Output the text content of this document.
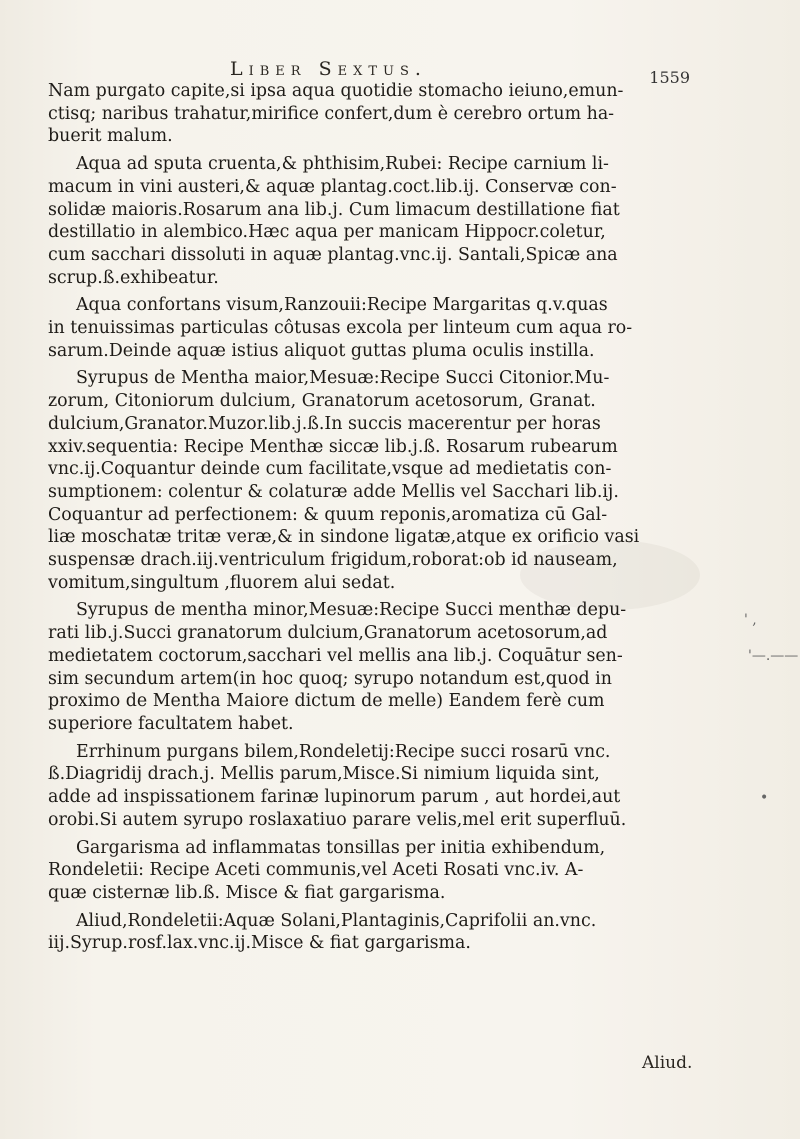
Liber Sextus.	1559
Nam purgato capite,si ipsa aqua quotidie stomacho ieiuno,emun-
ctisq; naribus trahatur,mirifice confert,dum è cerebro ortum ha-
buerit malum.
Aqua ad sputa cruenta,& phthisim,Rubei: Recipe carnium li-
macum in vini austeri,& aquæ plantag.coct.lib.ij. Conservæ con-
solidæ maioris.Rosarum ana lib.j. Cum limacum destillatione fiat
destillatio in alembico.Hæc aqua per manicam Hippocr.coletur,
cum sacchari dissoluti in aquæ plantag.vnc.ij. Santali,Spicæ ana
scrup.ß.exhibeatur.
Aqua confortans visum,Ranzouii:Recipe Margaritas q.v.quas
in tenuissimas particulas côtusas excola per linteum cum aqua ro-
sarum.Deinde aquæ istius aliquot guttas pluma oculis instilla.
Syrupus de Mentha maior,Mesuæ:Recipe Succi Citonior.Mu-
zorum, Citoniorum dulcium, Granatorum acetosorum, Granat.
dulcium,Granator.Muzor.lib.j.ß.In succis macerentur per horas
xxiv.sequentia: Recipe Menthæ siccæ lib.j.ß. Rosarum rubearum
vnc.ij.Coquantur deinde cum facilitate,vsque ad medietatis con-
sumptionem: colentur & colaturæ adde Mellis vel Sacchari lib.ij.
Coquantur ad perfectionem: & quum reponis,aromatiza cū Gal-
liæ moschatæ tritæ veræ,& in sindone ligatæ,atque ex orificio vasi
suspensæ drach.iij.ventriculum frigidum,roborat:ob id nauseam,
vomitum,singultum ,fluorem alui sedat.
Syrupus de mentha minor,Mesuæ:Recipe Succi menthæ depu-
rati lib.j.Succi granatorum dulcium,Granatorum acetosorum,ad
medietatem coctorum,sacchari vel mellis ana lib.j. Coquātur sen-
sim secundum artem(in hoc quoq; syrupo notandum est,quod in
proximo de Mentha Maiore dictum de melle) Eandem ferè cum
superiore facultatem habet.
Errhinum purgans bilem,Rondeletij:Recipe succi rosarū vnc.
ß.Diagridij drach.j. Mellis parum,Misce.Si nimium liquida sint,
adde ad inspissationem farinæ lupinorum parum , aut hordei,aut
orobi.Si autem syrupo roslaxatiuo parare velis,mel erit superfluū.
Gargarisma ad inflammatas tonsillas per initia exhibendum,
Rondeletii: Recipe Aceti communis,vel Aceti Rosati vnc.iv. A-
quæ cisternæ lib.ß. Misce & fiat gargarisma.
Aliud,Rondeletii:Aquæ Solani,Plantaginis,Caprifolii an.vnc.
iij.Syrup.rosf.lax.vnc.ij.Misce & fiat gargarisma.
Aliud.
' ,
'—.——
•
